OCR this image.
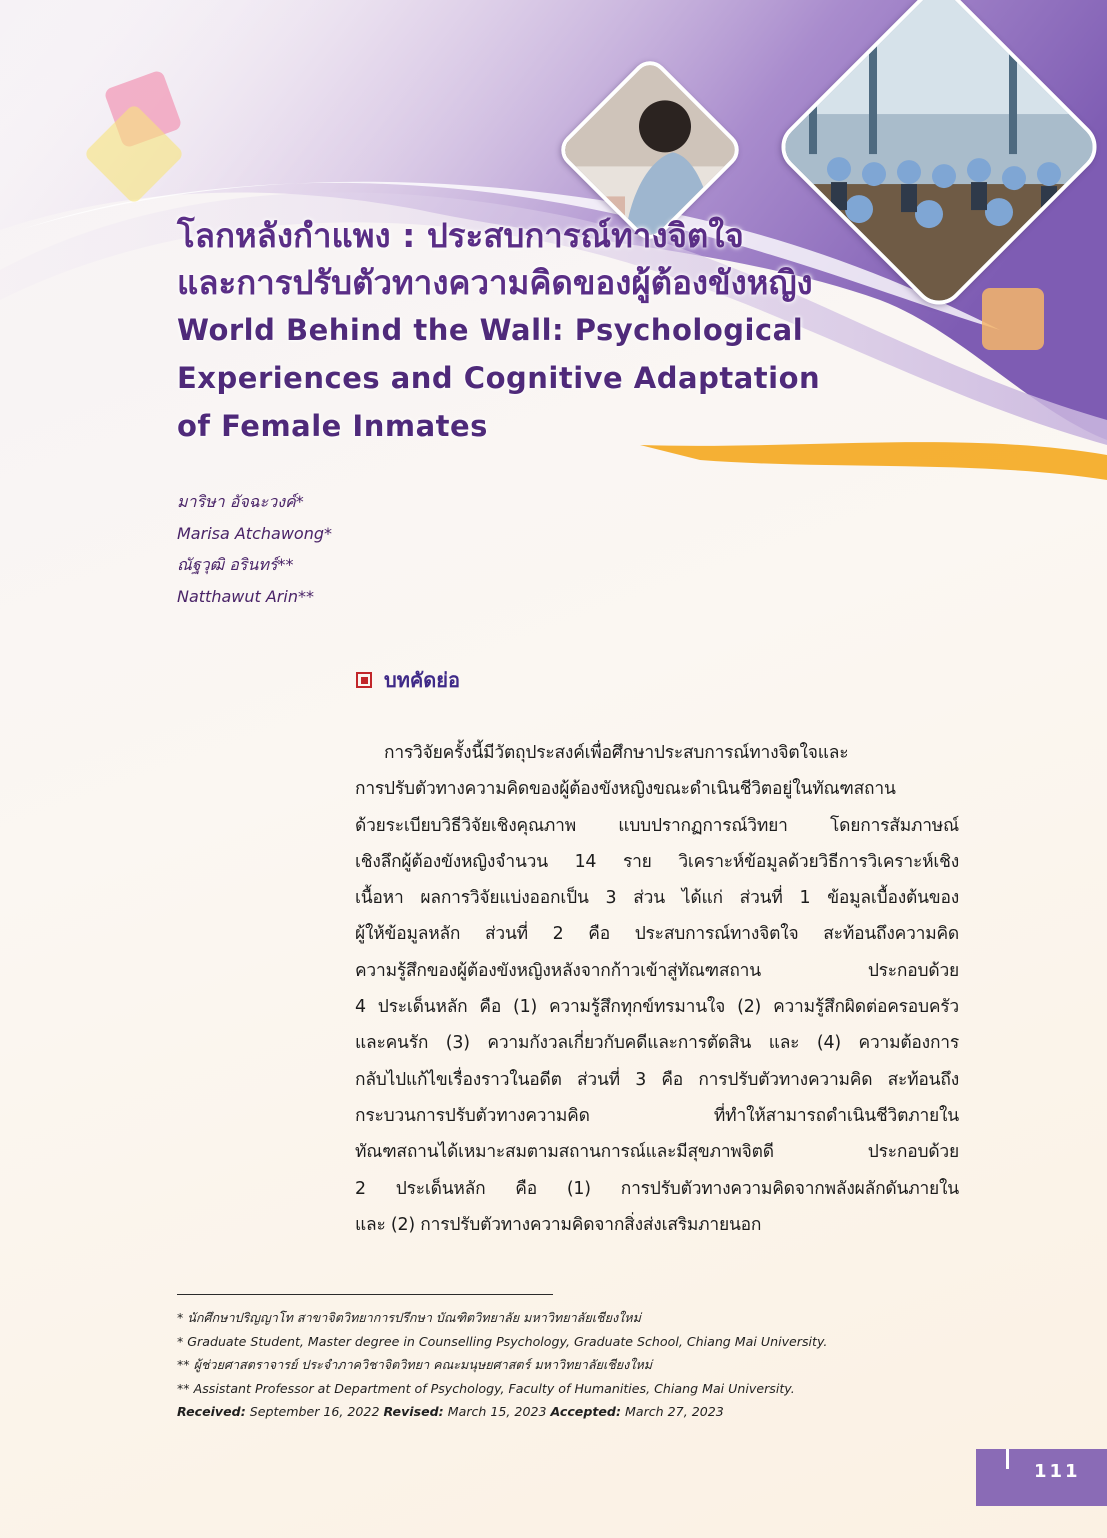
โลกหลังกำแพง : ประสบการณ์ทางจิตใจ
และการปรับตัวทางความคิดของผู้ต้องขังหญิง
World Behind the Wall: Psychological
Experiences and Cognitive Adaptation
of Female Inmates
มาริษา อัจฉะวงค์*
Marisa Atchawong*
ณัฐวุฒิ อรินทร์**
Natthawut Arin**
บทคัดย่อ
การวิจัยครั้งนี้มีวัตถุประสงค์เพื่อศึกษาประสบการณ์ทางจิตใจและ
การปรับตัวทางความคิดของผู้ต้องขังหญิงขณะดำเนินชีวิตอยู่ในทัณฑสถาน
ด้วยระเบียบวิธีวิจัยเชิงคุณภาพ แบบปรากฏการณ์วิทยา โดยการสัมภาษณ์
เชิงลึกผู้ต้องขังหญิงจำนวน 14 ราย วิเคราะห์ข้อมูลด้วยวิธีการวิเคราะห์เชิง
เนื้อหา ผลการวิจัยแบ่งออกเป็น 3 ส่วน ได้แก่ ส่วนที่ 1 ข้อมูลเบื้องต้นของ
ผู้ให้ข้อมูลหลัก ส่วนที่ 2 คือ ประสบการณ์ทางจิตใจ สะท้อนถึงความคิด
ความรู้สึกของผู้ต้องขังหญิงหลังจากก้าวเข้าสู่ทัณฑสถาน ประกอบด้วย
4 ประเด็นหลัก คือ (1) ความรู้สึกทุกข์ทรมานใจ (2) ความรู้สึกผิดต่อครอบครัว
และคนรัก (3) ความกังวลเกี่ยวกับคดีและการตัดสิน และ (4) ความต้องการ
กลับไปแก้ไขเรื่องราวในอดีต ส่วนที่ 3 คือ การปรับตัวทางความคิด สะท้อนถึง
กระบวนการปรับตัวทางความคิด ที่ทำให้สามารถดำเนินชีวิตภายใน
ทัณฑสถานได้เหมาะสมตามสถานการณ์และมีสุขภาพจิตดี ประกอบด้วย
2 ประเด็นหลัก คือ (1) การปรับตัวทางความคิดจากพลังผลักดันภายใน
และ (2) การปรับตัวทางความคิดจากสิ่งส่งเสริมภายนอก
* นักศึกษาปริญญาโท สาขาจิตวิทยาการปรึกษา บัณฑิตวิทยาลัย มหาวิทยาลัยเชียงใหม่
* Graduate Student, Master degree in Counselling Psychology, Graduate School, Chiang Mai University.
** ผู้ช่วยศาสตราจารย์ ประจำภาควิชาจิตวิทยา คณะมนุษยศาสตร์ มหาวิทยาลัยเชียงใหม่
** Assistant Professor at Department of Psychology, Faculty of Humanities, Chiang Mai University.
Received: September 16, 2022 Revised: March 15, 2023 Accepted: March 27, 2023
111
